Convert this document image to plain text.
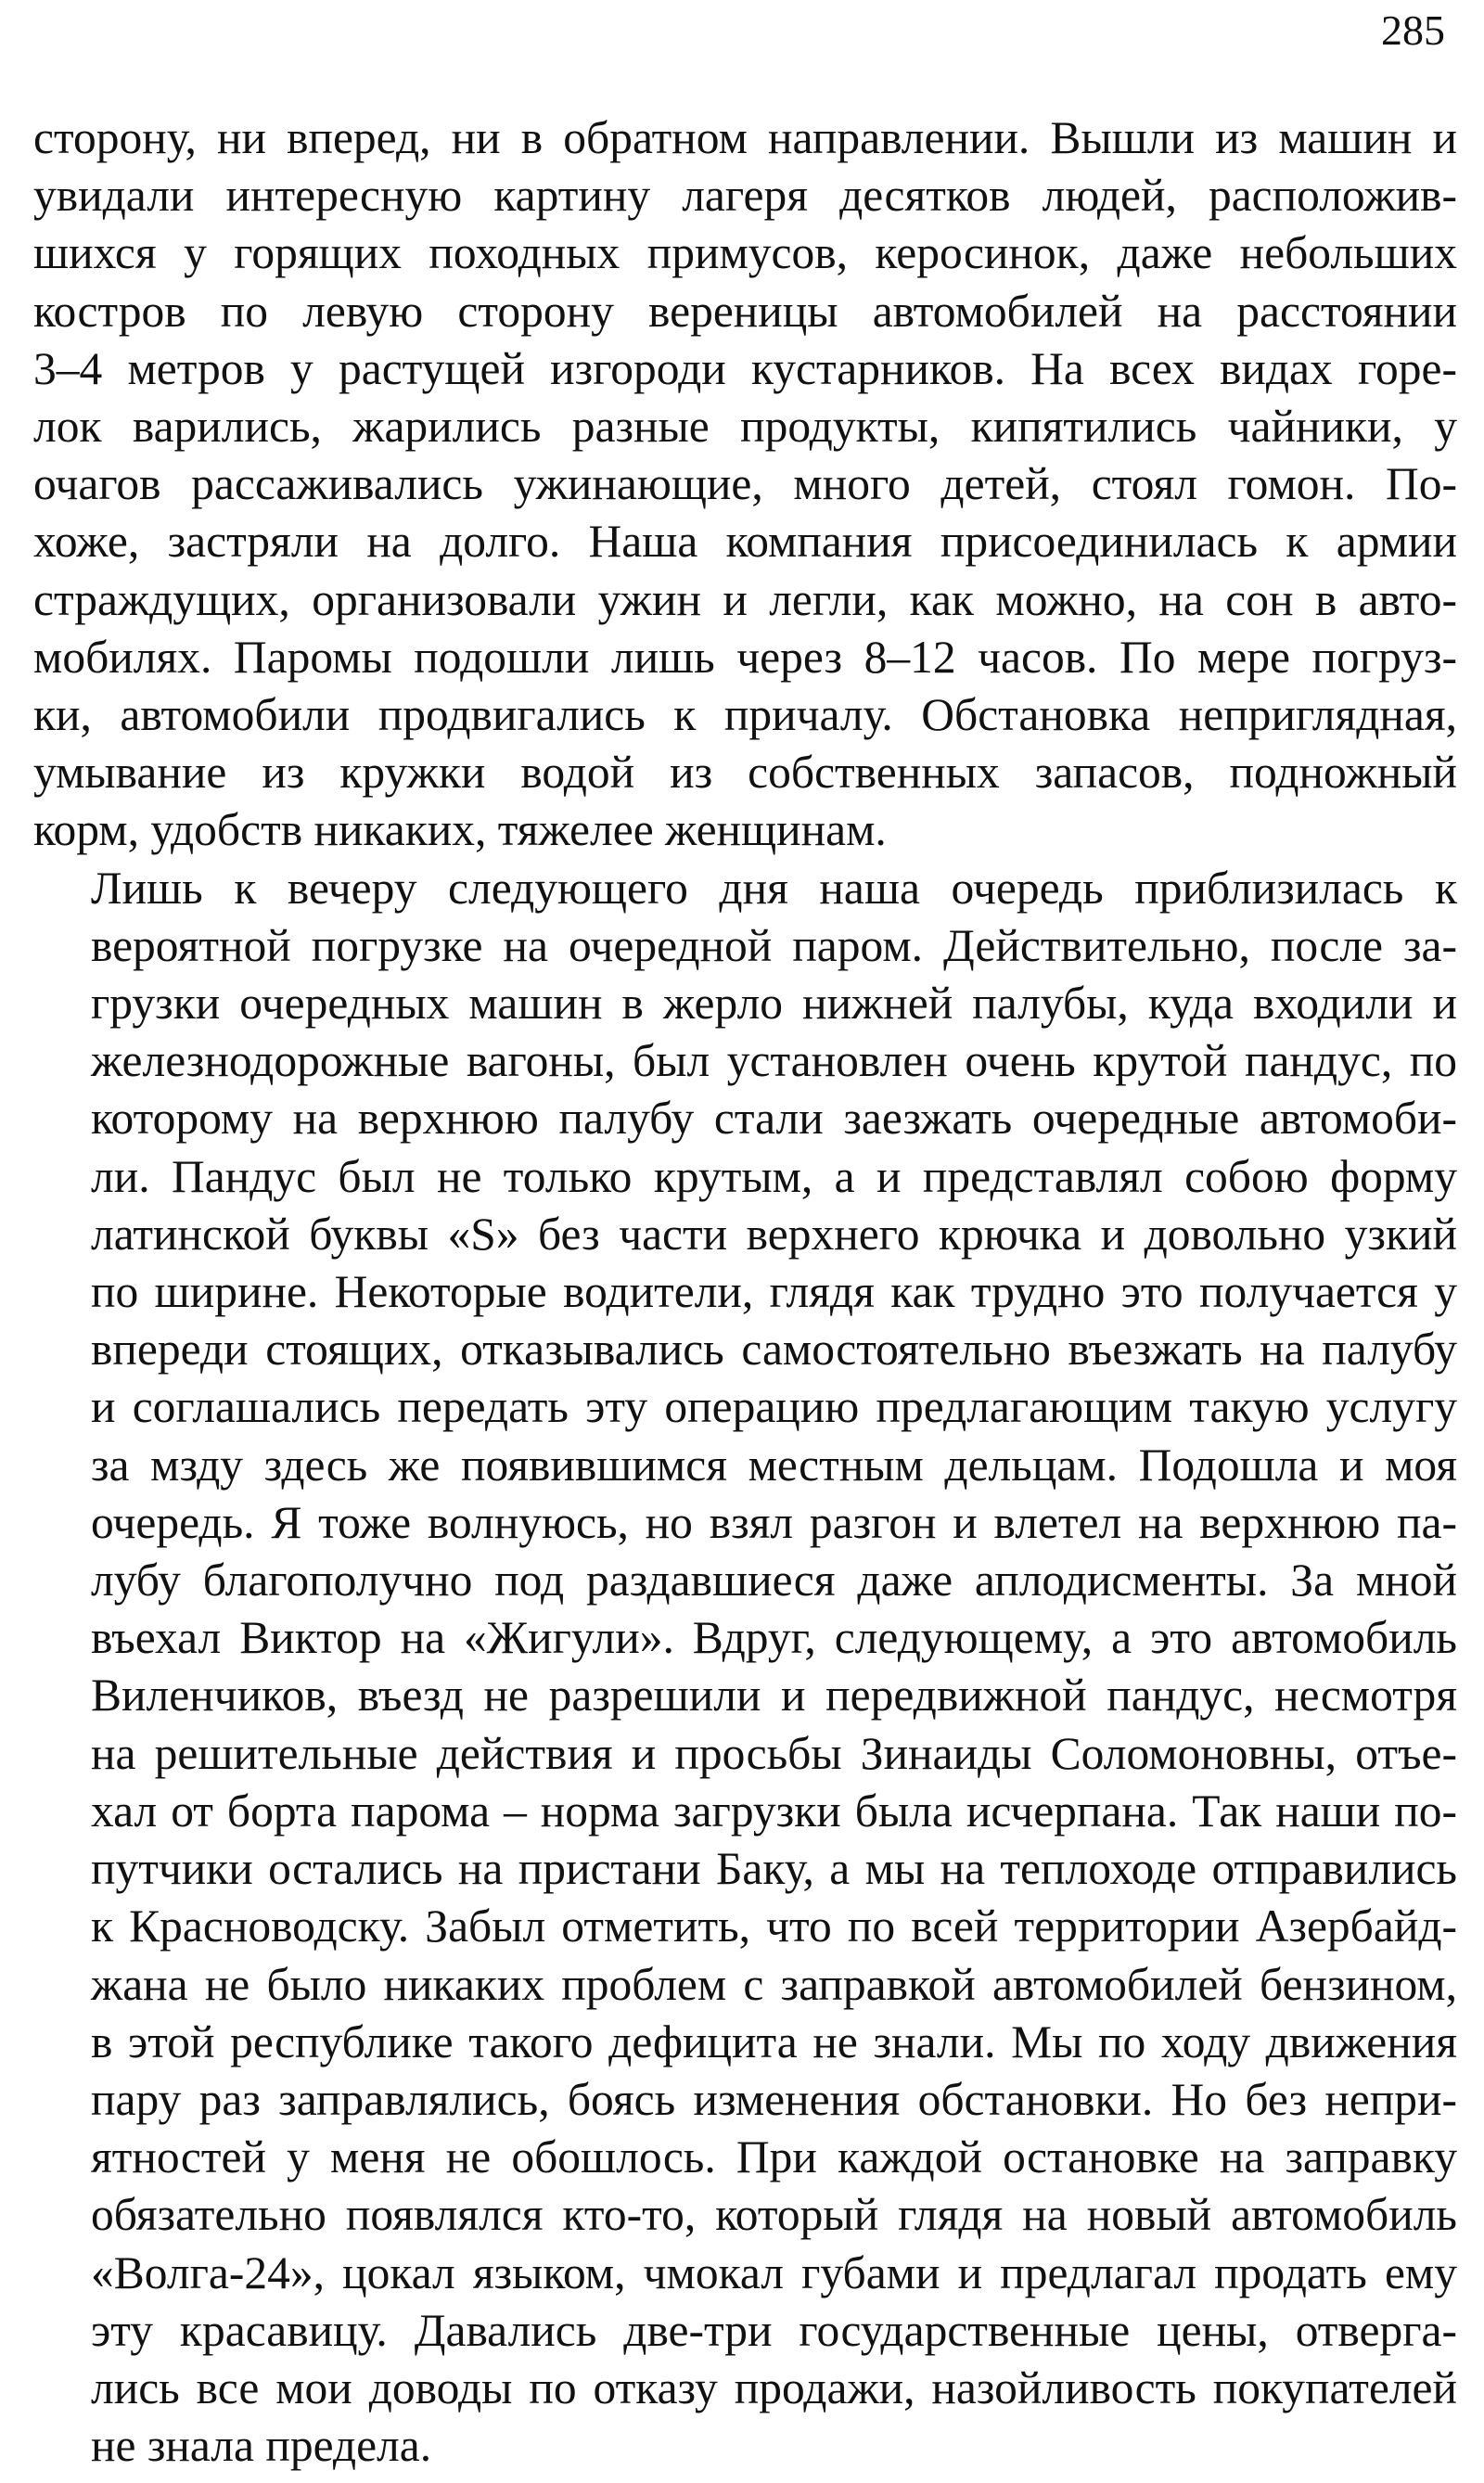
285

сторону, ни вперед, ни в обратном направлении. Вышли из машин и
увидали интересную картину лагеря десятков людей, расположив-
шихся у горящих походных примусов, керосинок, даже небольших
костров по левую сторону вереницы автомобилей на расстоянии
3–4 метров у растущей изгороди кустарников. На всех видах горе-
лок варились, жарились разные продукты, кипятились чайники, у
очагов рассаживались ужинающие, много детей, стоял гомон. По-
хоже, застряли на долго. Наша компания присоединилась к армии
страждущих, организовали ужин и легли, как можно, на сон в авто-
мобилях. Паромы подошли лишь через 8–12 часов. По мере погруз-
ки, автомобили продвигались к причалу. Обстановка неприглядная,
умывание из кружки водой из собственных запасов, подножный
корм, удобств никаких, тяжелее женщинам.

Лишь к вечеру следующего дня наша очередь приблизилась к
вероятной погрузке на очередной паром. Действительно, после за-
грузки очередных машин в жерло нижней палубы, куда входили и
железнодорожные вагоны, был установлен очень крутой пандус, по
которому на верхнюю палубу стали заезжать очередные автомоби-
ли. Пандус был не только крутым, а и представлял собою форму
латинской буквы «S» без части верхнего крючка и довольно узкий
по ширине. Некоторые водители, глядя как трудно это получается у
впереди стоящих, отказывались самостоятельно въезжать на палубу
и соглашались передать эту операцию предлагающим такую услугу
за мзду здесь же появившимся местным дельцам. Подошла и моя
очередь. Я тоже волнуюсь, но взял разгон и влетел на верхнюю па-
лубу благополучно под раздавшиеся даже аплодисменты. За мной
въехал Виктор на «Жигули». Вдруг, следующему, а это автомобиль
Виленчиков, въезд не разрешили и передвижной пандус, несмотря
на решительные действия и просьбы Зинаиды Соломоновны, отъе-
хал от борта парома – норма загрузки была исчерпана. Так наши по-
путчики остались на пристани Баку, а мы на теплоходе отправились
к Красноводску. Забыл отметить, что по всей территории Азербайд-
жана не было никаких проблем с заправкой автомобилей бензином,
в этой республике такого дефицита не знали. Мы по ходу движения
пару раз заправлялись, боясь изменения обстановки. Но без непри-
ятностей у меня не обошлось. При каждой остановке на заправку
обязательно появлялся кто-то, который глядя на новый автомобиль
«Волга-24», цокал языком, чмокал губами и предлагал продать ему
эту красавицу. Давались две-три государственные цены, отверга-
лись все мои доводы по отказу продажи, назойливость покупателей
не знала предела.
